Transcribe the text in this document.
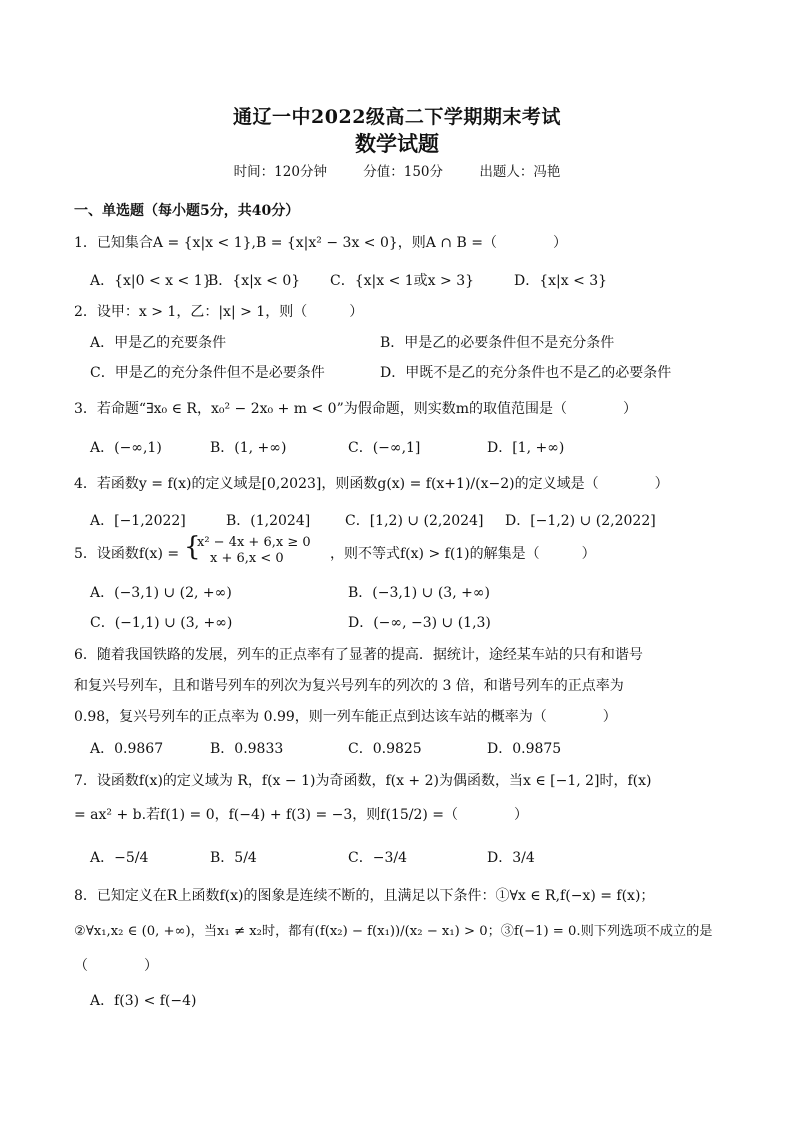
通辽一中2022级高二下学期期末考试
数学试题
时间：120分钟	分值：150分	出题人：冯艳
一、单选题（每小题5分，共40分）
1．已知集合A = {x|x < 1},B = {x|x² − 3x < 0}，则A ∩ B =（　　　　）
A．{x|0 < x < 1}
B．{x|x < 0} C．{x|x < 1或x > 3}	D．{x|x < 3}
2．设甲：x > 1，乙：|x| > 1，则（　　　）
A．甲是乙的充要条件	B．甲是乙的必要条件但不是充分条件
C．甲是乙的充分条件但不是必要条件	D．甲既不是乙的充分条件也不是乙的必要条件
3．若命题“∃x₀ ∈ R，x₀² − 2x₀ + m < 0”为假命题，则实数m的取值范围是（　　　　）
A．(−∞,1)	B．(1, +∞)	C．(−∞,1]	D．[1, +∞)
4．若函数y = f(x)的定义域是[0,2023]，则函数g(x) = f(x+1)/(x−2)的定义域是（　　　　）
A．[−1,2022]	B．(1,2024] C．[1,2) ∪ (2,2024] D．[−1,2) ∪ (2,2022]
5．设函数f(x) = {
x² − 4x + 6,x ≥ 0
x + 6,x < 0	，则不等式f(x) > f(1)的解集是（　　　）
A．(−3,1) ∪ (2, +∞)	B．(−3,1) ∪ (3, +∞)
C．(−1,1) ∪ (3, +∞)	D．(−∞, −3) ∪ (1,3)
6．随着我国铁路的发展，列车的正点率有了显著的提高．据统计，途经某车站的只有和谐号
和复兴号列车，且和谐号列车的列次为复兴号列车的列次的 3 倍，和谐号列车的正点率为
0.98，复兴号列车的正点率为 0.99，则一列车能正点到达该车站的概率为（　　　　）
A．0.9867	B．0.9833	C．0.9825	D．0.9875
7．设函数f(x)的定义域为 R，f(x − 1)为奇函数，f(x + 2)为偶函数，当x ∈ [−1, 2]时，f(x)
= ax² + b.若f(1) = 0，f(−4) + f(3) = −3，则f(15/2) =（　　　　）
A．−5/4	B．5/4	C．−3/4	D．3/4
8．已知定义在R上函数f(x)的图象是连续不断的，且满足以下条件：①∀x ∈ R,f(−x) = f(x)；
②∀x₁,x₂ ∈ (0, +∞)，当x₁ ≠ x₂时，都有(f(x₂) − f(x₁))/(x₂ − x₁) > 0；③f(−1) = 0.则下列选项不成立的是
（　　　　）
A．f(3) < f(−4)
